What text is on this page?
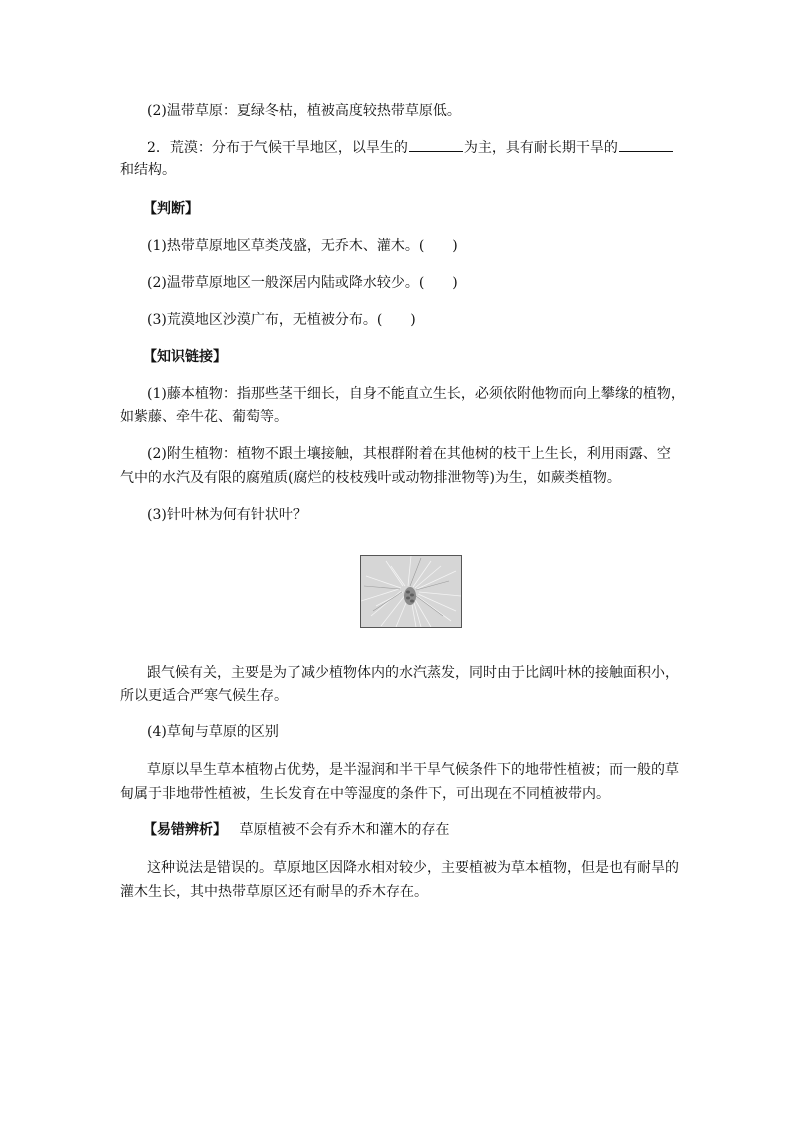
(2)温带草原：夏绿冬枯，植被高度较热带草原低。
2．荒漠：分布于气候干旱地区，以旱生的	为主，具有耐长期干旱的
和结构。
【判断】
(1)热带草原地区草类茂盛，无乔木、灌木。(　　)
(2)温带草原地区一般深居内陆或降水较少。(　　)
(3)荒漠地区沙漠广布，无植被分布。(　　)
【知识链接】
(1)藤本植物：指那些茎干细长，自身不能直立生长，必须依附他物而向上攀缘的植物，
如紫藤、牵牛花、葡萄等。
(2)附生植物：植物不跟土壤接触，其根群附着在其他树的枝干上生长，利用雨露、空
气中的水汽及有限的腐殖质(腐烂的枝枝残叶或动物排泄物等)为生，如蕨类植物。
(3)针叶林为何有针状叶？
跟气候有关，主要是为了减少植物体内的水汽蒸发，同时由于比阔叶林的接触面积小，
所以更适合严寒气候生存。
(4)草甸与草原的区别
草原以旱生草本植物占优势，是半湿润和半干旱气候条件下的地带性植被；而一般的草
甸属于非地带性植被，生长发育在中等湿度的条件下，可出现在不同植被带内。
【易错辨析】 草原植被不会有乔木和灌木的存在
这种说法是错误的。草原地区因降水相对较少，主要植被为草本植物，但是也有耐旱的
灌木生长，其中热带草原区还有耐旱的乔木存在。
